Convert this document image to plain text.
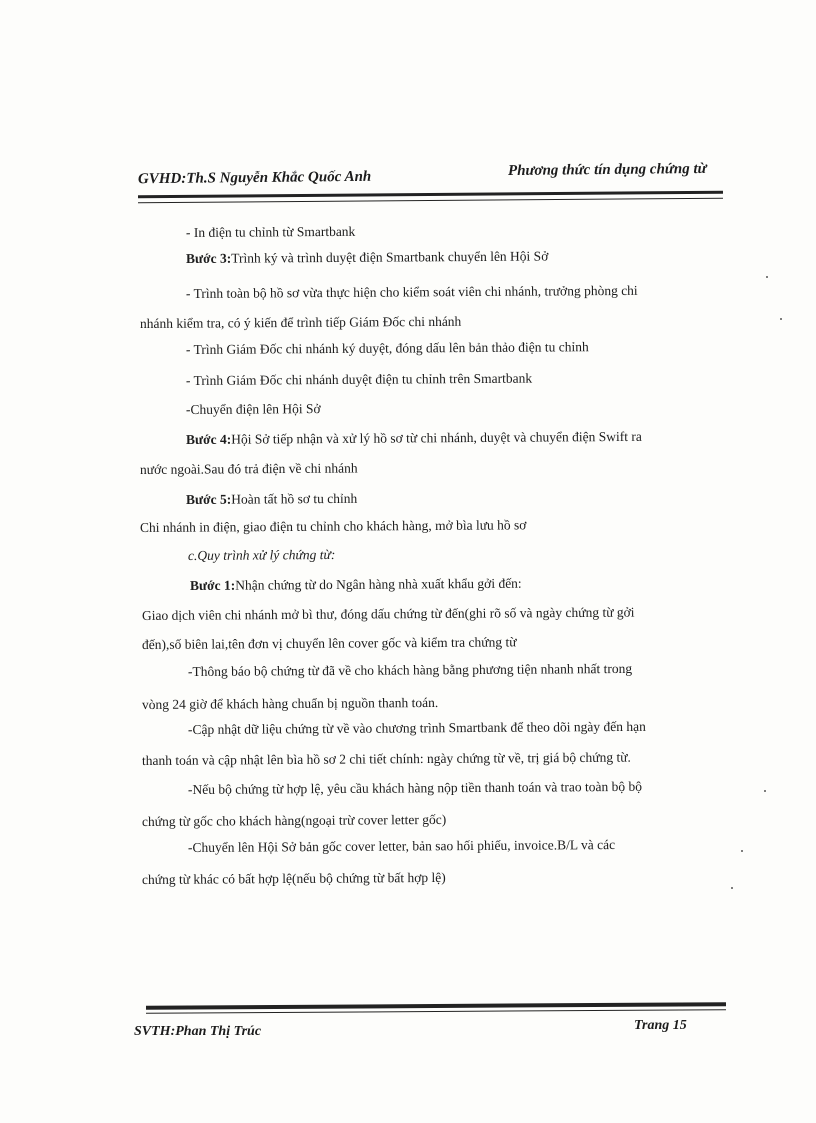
GVHD:Th.S Nguyễn Khắc Quốc Anh	Phương thức tín dụng chứng từ
- In điện tu chỉnh từ Smartbank
Bước 3:Trình ký và trình duyệt điện Smartbank chuyển lên Hội Sở
- Trình toàn bộ hồ sơ vừa thực hiện cho kiểm soát viên chi nhánh, trưởng phòng chi
nhánh kiểm tra, có ý kiến để trình tiếp Giám Đốc chi nhánh
- Trình Giám Đốc chi nhánh ký duyệt, đóng dấu lên bản thảo điện tu chỉnh
- Trình Giám Đốc chi nhánh duyệt điện tu chỉnh trên Smartbank
-Chuyển điện lên Hội Sở
Bước 4:Hội Sở tiếp nhận và xử lý hồ sơ từ chi nhánh, duyệt và chuyển điện Swift ra
nước ngoài.Sau đó trả điện về chi nhánh
Bước 5:Hoàn tất hồ sơ tu chỉnh
Chi nhánh in điện, giao điện tu chỉnh cho khách hàng, mở bìa lưu hồ sơ
c.Quy trình xử lý chứng từ:
Bước 1:Nhận chứng từ do Ngân hàng nhà xuất khẩu gởi đến:
Giao dịch viên chi nhánh mở bì thư, đóng dấu chứng từ đến(ghi rõ số và ngày chứng từ gởi
đến),số biên lai,tên đơn vị chuyển lên cover gốc và kiểm tra chứng từ
-Thông báo bộ chứng từ đã về cho khách hàng bằng phương tiện nhanh nhất trong
vòng 24 giờ để khách hàng chuẩn bị nguồn thanh toán.
-Cập nhật dữ liệu chứng từ về vào chương trình Smartbank để theo dõi ngày đến hạn
thanh toán và cập nhật lên bìa hồ sơ 2 chi tiết chính: ngày chứng từ về, trị giá bộ chứng từ.
-Nếu bộ chứng từ hợp lệ, yêu cầu khách hàng nộp tiền thanh toán và trao toàn bộ bộ
chứng từ gốc cho khách hàng(ngoại trừ cover letter gốc)
-Chuyển lên Hội Sở bản gốc cover letter, bản sao hối phiếu, invoice.B/L và các
chứng từ khác có bất hợp lệ(nếu bộ chứng từ bất hợp lệ)
SVTH:Phan Thị Trúc	Trang 15
